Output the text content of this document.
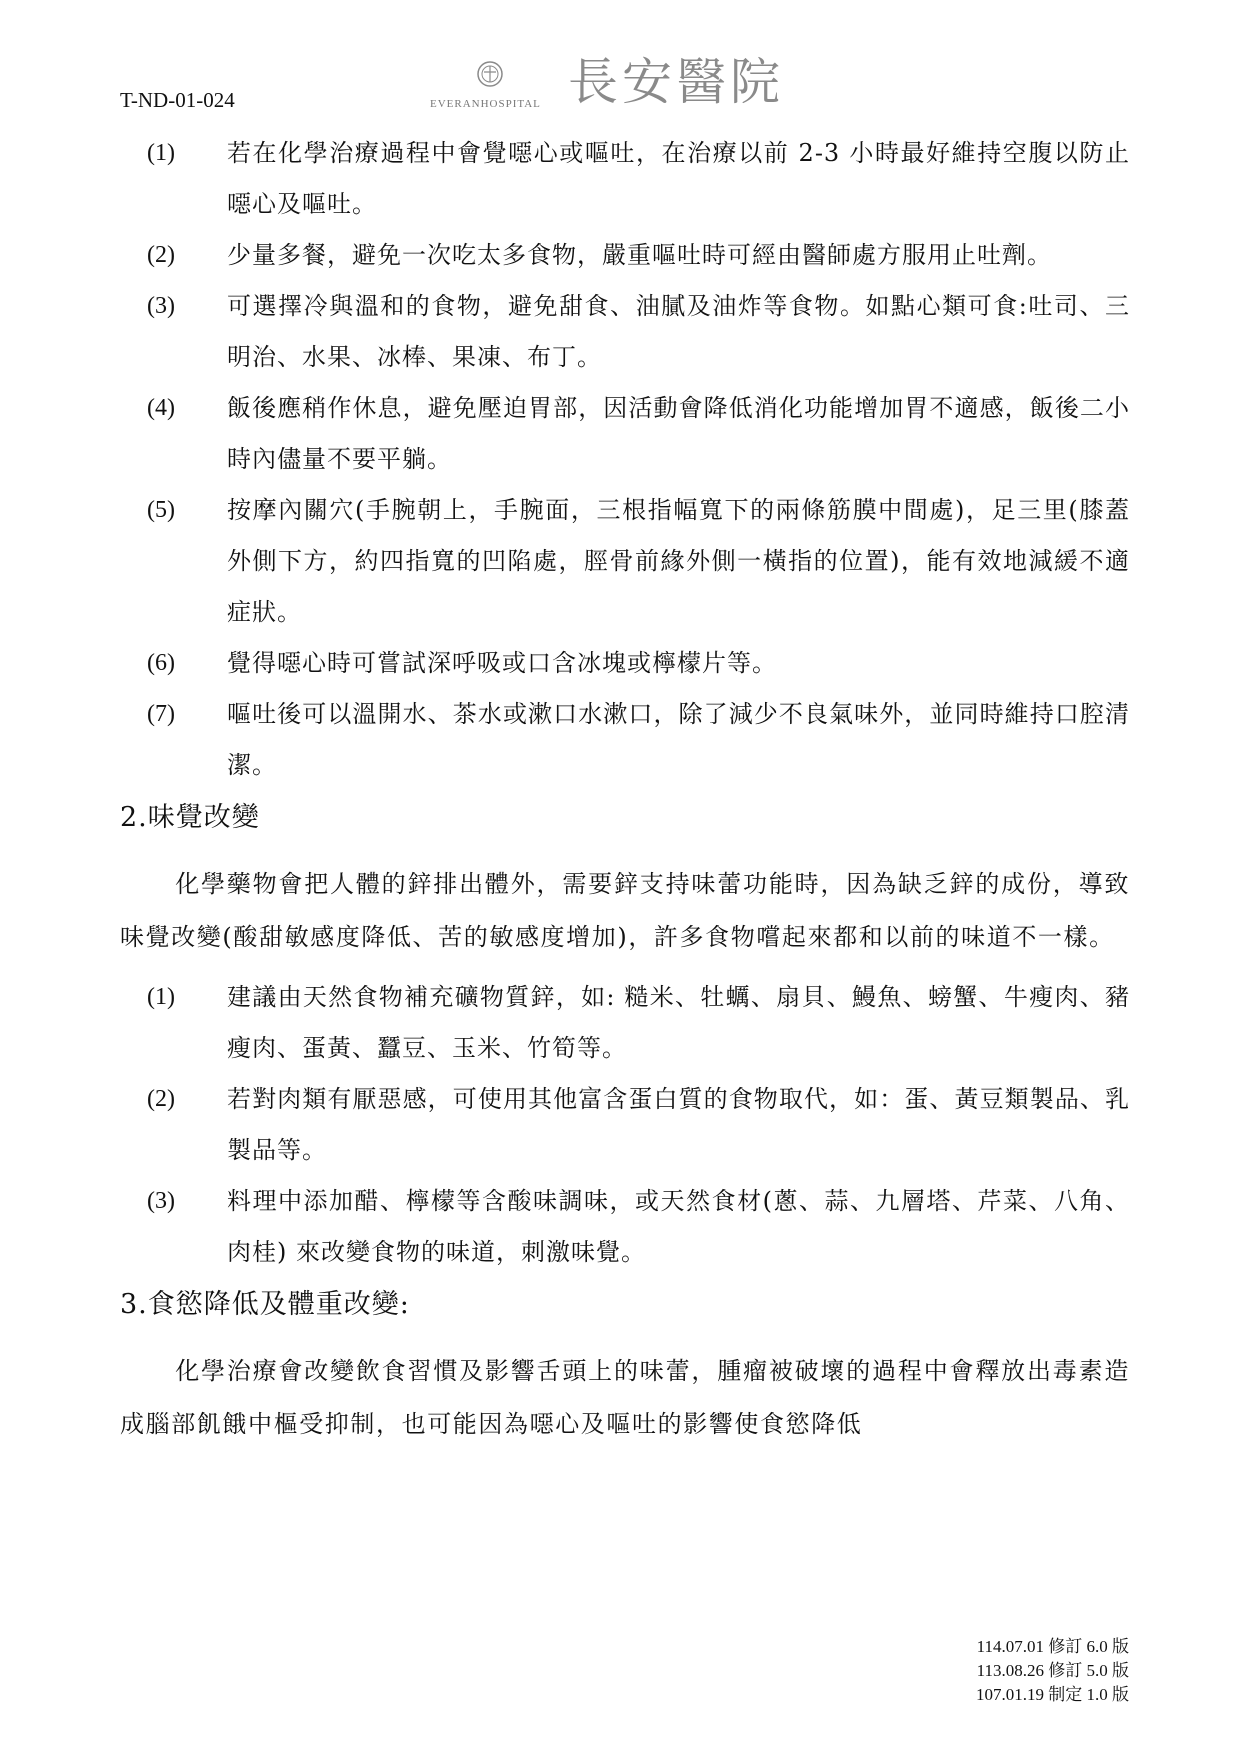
T-ND-01-024	EVERANHOSPITAL 長安醫院
(1) 若在化學治療過程中會覺噁心或嘔吐，在治療以前 2-3 小時最好維持空腹以防止噁心及嘔吐。
(2) 少量多餐，避免一次吃太多食物，嚴重嘔吐時可經由醫師處方服用止吐劑。
(3) 可選擇冷與溫和的食物，避免甜食、油膩及油炸等食物。如點心類可食:吐司、三明治、水果、冰棒、果凍、布丁。
(4) 飯後應稍作休息，避免壓迫胃部，因活動會降低消化功能增加胃不適感，飯後二小時內儘量不要平躺。
(5) 按摩內關穴(手腕朝上，手腕面，三根指幅寬下的兩條筋膜中間處)，足三里(膝蓋外側下方，約四指寬的凹陷處，脛骨前緣外側一橫指的位置)，能有效地減緩不適症狀。
(6) 覺得噁心時可嘗試深呼吸或口含冰塊或檸檬片等。
(7) 嘔吐後可以溫開水、茶水或漱口水漱口，除了減少不良氣味外，並同時維持口腔清潔。
2.味覺改變

化學藥物會把人體的鋅排出體外，需要鋅支持味蕾功能時，因為缺乏鋅的成份，導致味覺改變(酸甜敏感度降低、苦的敏感度增加)，許多食物嚐起來都和以前的味道不一樣。

(1) 建議由天然食物補充礦物質鋅，如: 糙米、牡蠣、扇貝、鰻魚、螃蟹、牛瘦肉、豬瘦肉、蛋黃、蠶豆、玉米、竹筍等。
(2) 若對肉類有厭惡感，可使用其他富含蛋白質的食物取代，如：蛋、黃豆類製品、乳製品等。
(3) 料理中添加醋、檸檬等含酸味調味，或天然食材(蔥、蒜、九層塔、芹菜、八角、肉桂) 來改變食物的味道，刺激味覺。
3.食慾降低及體重改變:

化學治療會改變飲食習慣及影響舌頭上的味蕾，腫瘤被破壞的過程中會釋放出毒素造成腦部飢餓中樞受抑制，也可能因為噁心及嘔吐的影響使食慾降低

114.07.01 修訂 6.0 版
113.08.26 修訂 5.0 版
107.01.19 制定 1.0 版
